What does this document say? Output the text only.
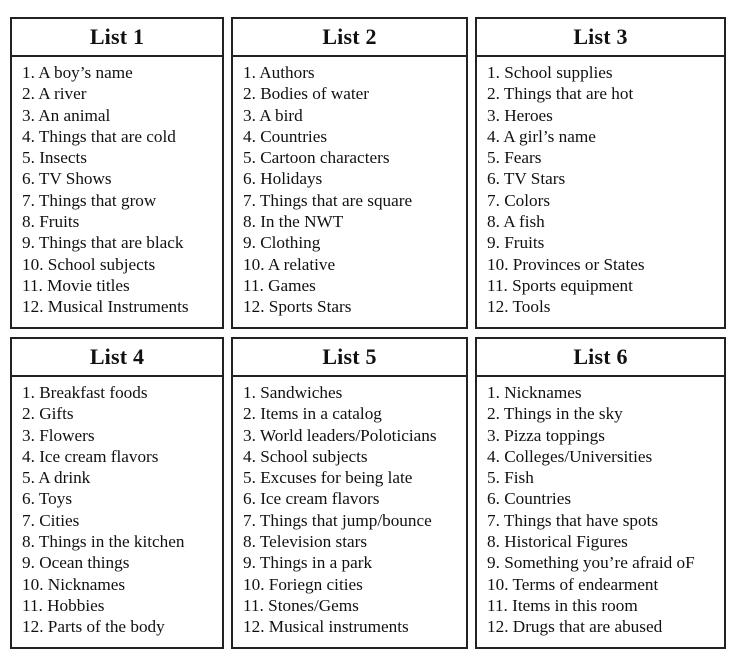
List 1
1. A boy’s name
2. A river
3. An animal
4. Things that are cold
5. Insects
6. TV Shows
7. Things that grow
8. Fruits
9. Things that are black
10. School subjects
11. Movie titles
12. Musical Instruments
List 2
1. Authors
2. Bodies of water
3. A bird
4. Countries
5. Cartoon characters
6. Holidays
7. Things that are square
8. In the NWT
9. Clothing
10. A relative
11. Games
12. Sports Stars
List 3
1. School supplies
2. Things that are hot
3. Heroes
4. A girl’s name
5. Fears
6. TV Stars
7. Colors
8. A fish
9. Fruits
10. Provinces or States
11. Sports equipment
12. Tools
List 4
1. Breakfast foods
2. Gifts
3. Flowers
4. Ice cream flavors
5. A drink
6. Toys
7. Cities
8. Things in the kitchen
9. Ocean things
10. Nicknames
11. Hobbies
12. Parts of the body
List 5
1. Sandwiches
2. Items in a catalog
3. World leaders/Poloticians
4. School subjects
5. Excuses for being late
6. Ice cream flavors
7. Things that jump/bounce
8. Television stars
9. Things in a park
10. Foriegn cities
11. Stones/Gems
12. Musical instruments
List 6
1. Nicknames
2. Things in the sky
3. Pizza toppings
4. Colleges/Universities
5. Fish
6. Countries
7. Things that have spots
8. Historical Figures
9. Something you’re afraid oF
10. Terms of endearment
11. Items in this room
12. Drugs that are abused
